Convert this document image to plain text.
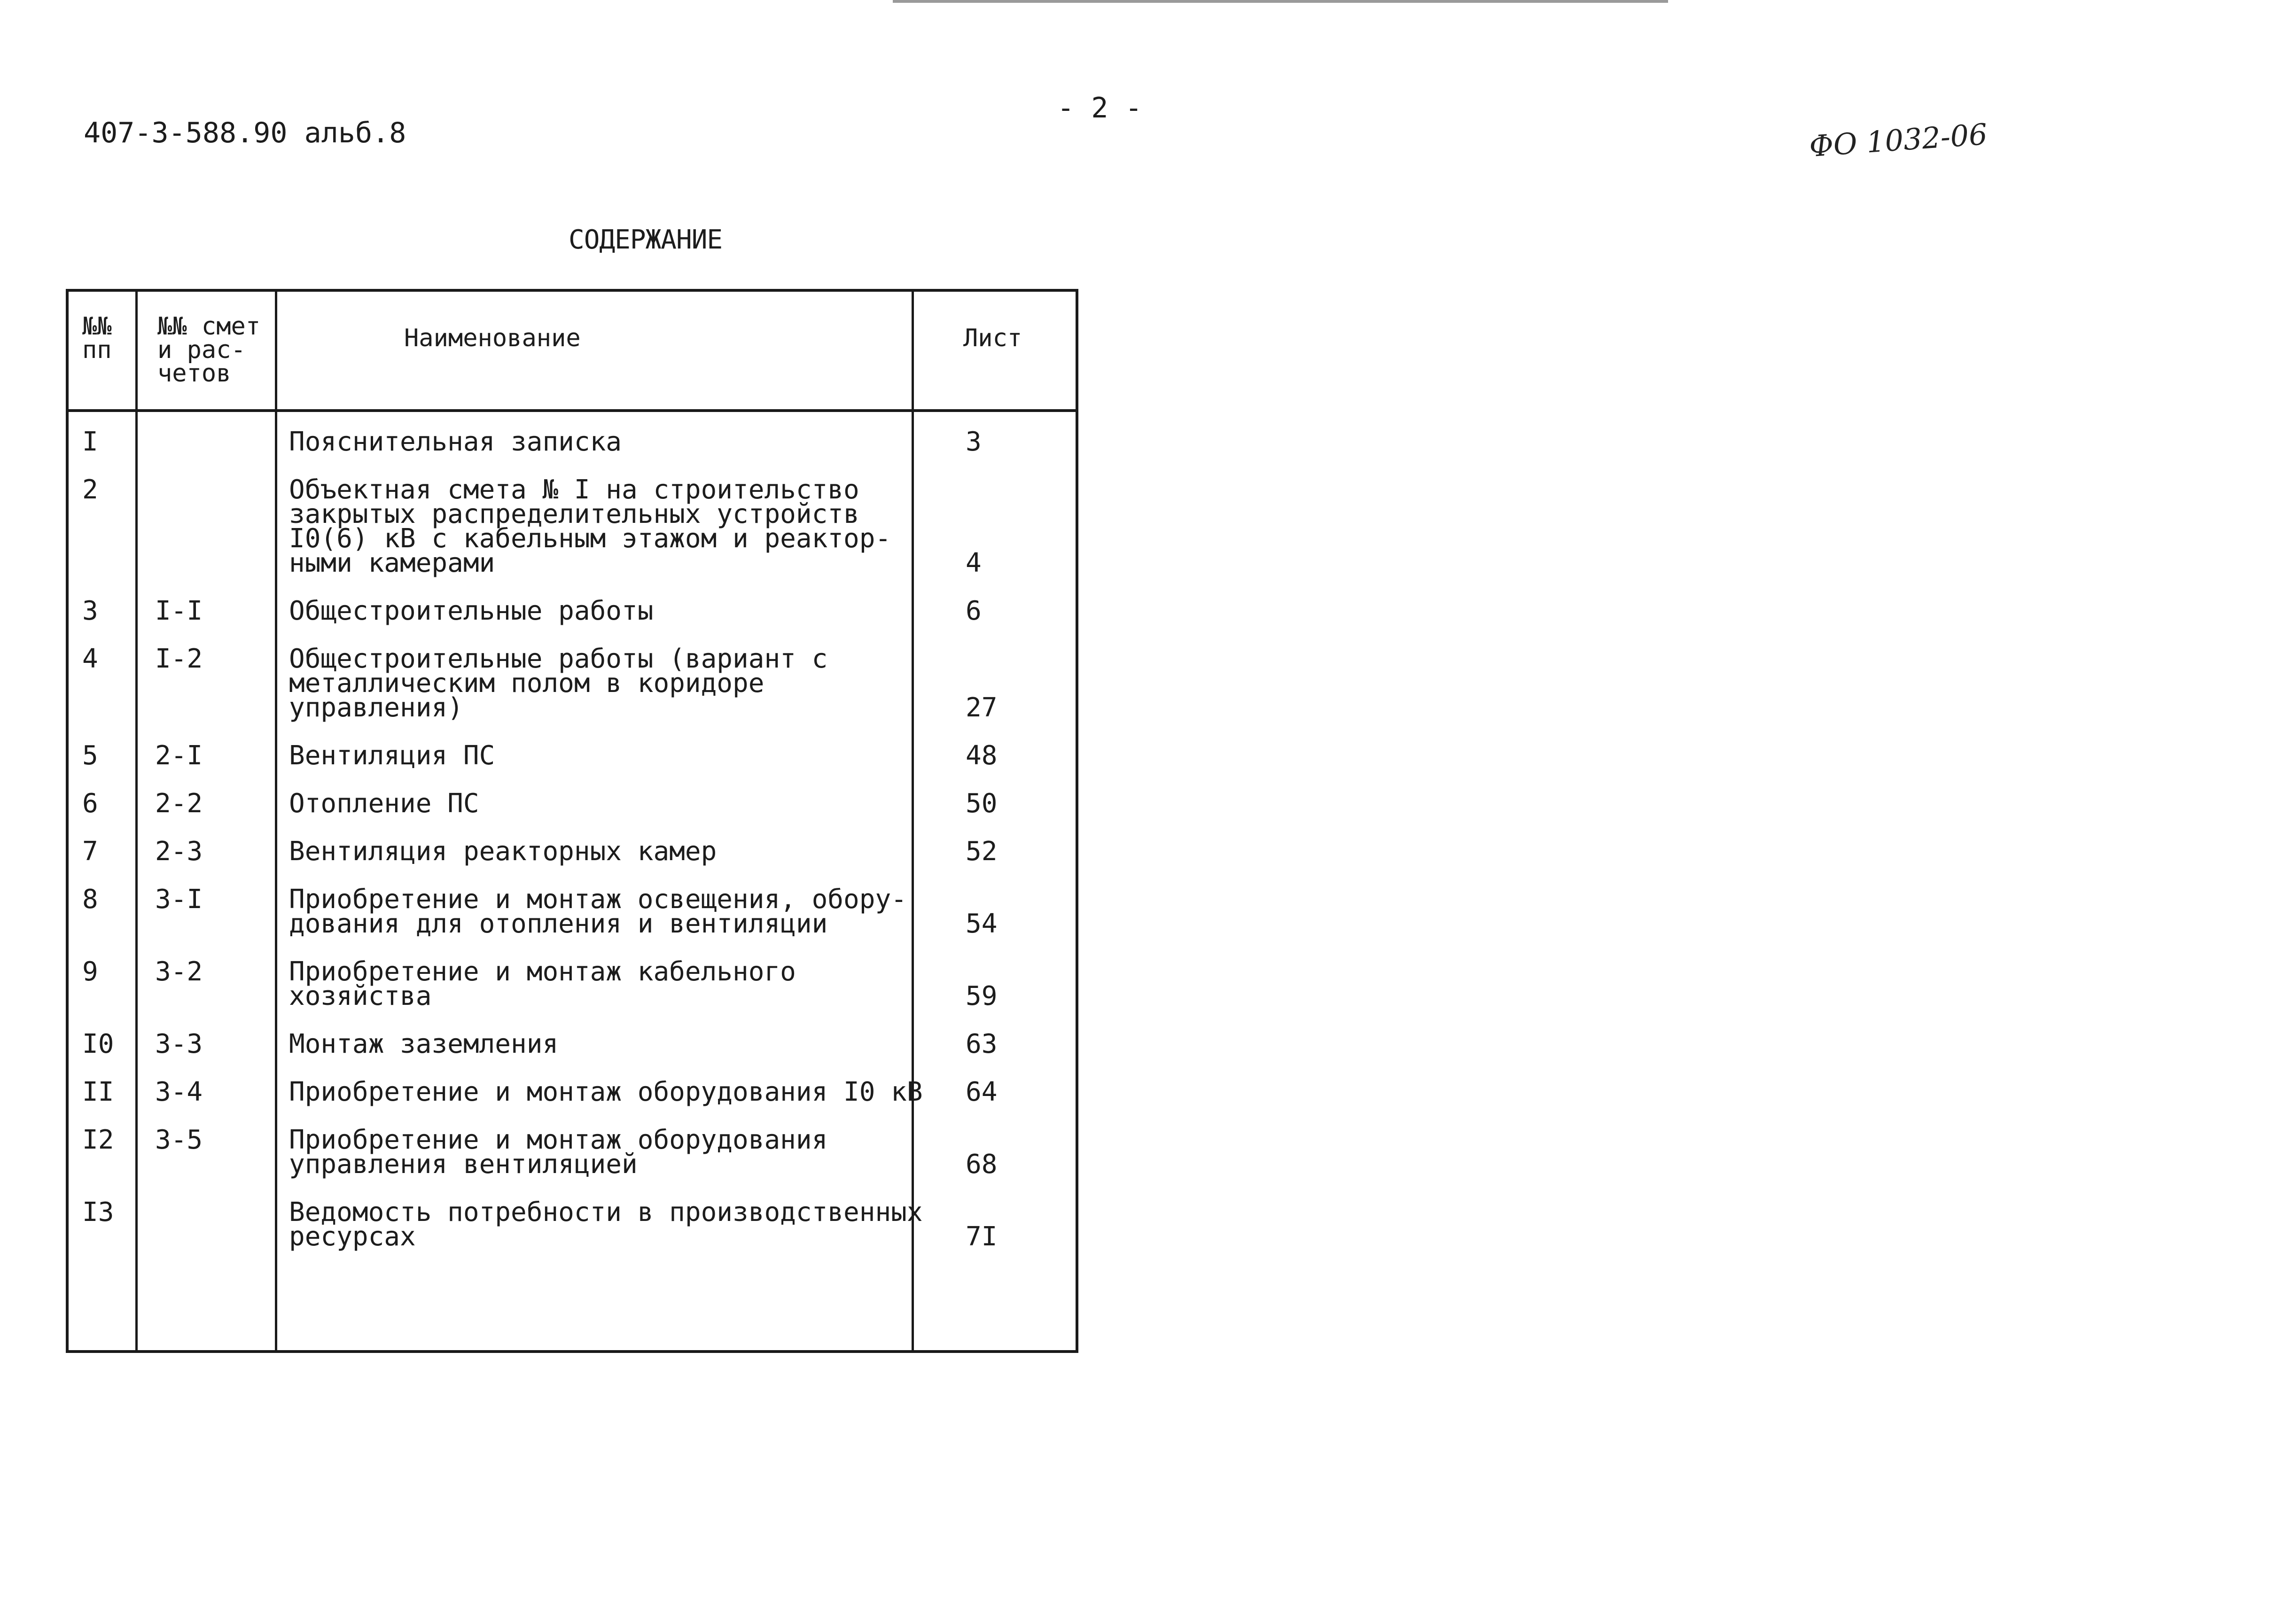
407-3-588.90 альб.8
- 2 -
ФО 1032-06
СОДЕРЖАНИЕ
№№
пп
№№ смет
и рас-
четов
Наименование	Лист
I	Пояснительная записка	3
2	Объектная смета № I на строительство
закрытых распределительных устройств
I0(6) кВ с кабельным этажом и реактор-
ными камерами	4
3 I-I	Общестроительные работы	6
4 I-2	Общестроительные работы (вариант с
металлическим полом в коридоре
управления)	27
5 2-I	Вентиляция ПС	48
6 2-2	Отопление ПС	50
7 2-3	Вентиляция реакторных камер	52
8 3-I	Приобретение и монтаж освещения, обору-
дования для отопления и вентиляции	54
9 3-2	Приобретение и монтаж кабельного
хозяйства	59
I0 3-3	Монтаж заземления	63
II 3-4	Приобретение и монтаж оборудования I0 кВ 64
I2 3-5	Приобретение и монтаж оборудования
управления вентиляцией	68
I3	Ведомость потребности в производственных
ресурсах	7I
